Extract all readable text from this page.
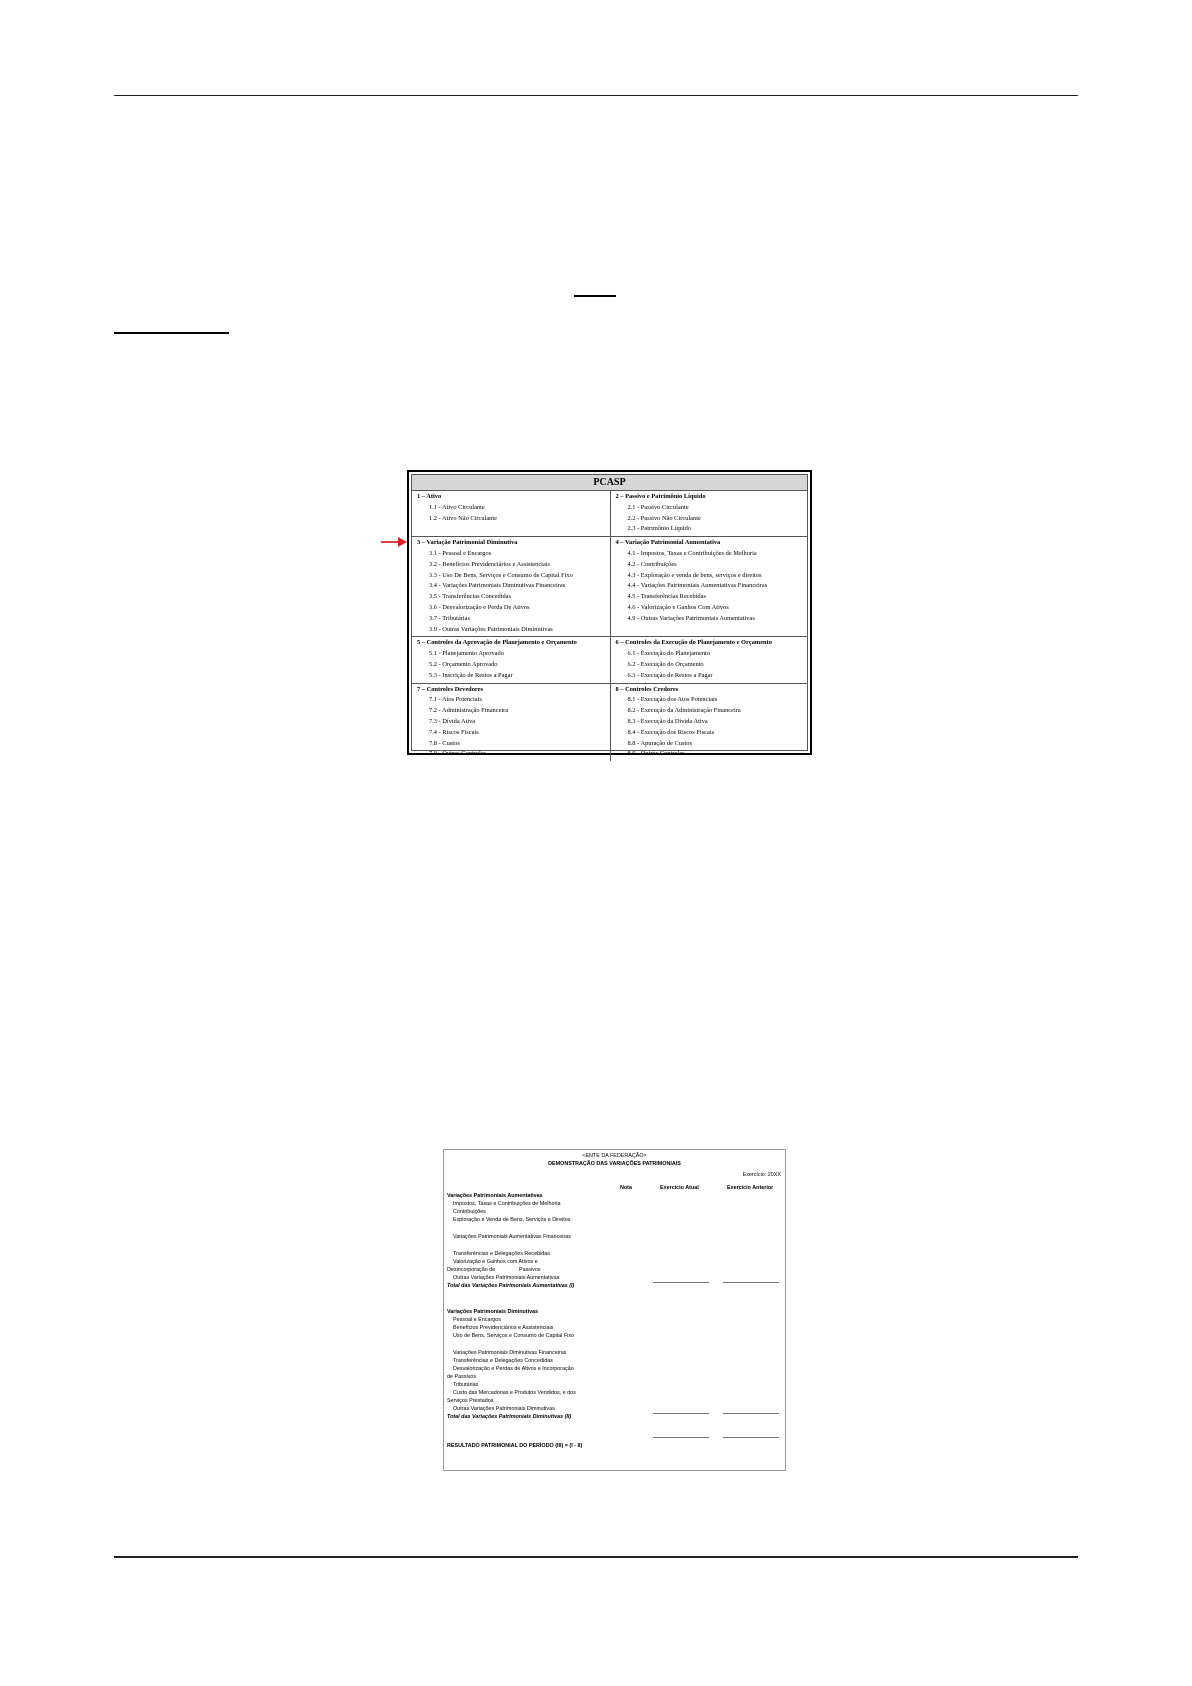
PCASP
1 – Ativo
1.1 - Ativo Circulante
1.2 - Ativo Não Circulante
2 – Passivo e Patrimônio Líquido
2.1 - Passivo Circulante
2.2 - Passivo Não Circulante
2.3 - Patrimônio Líquido
3 – Variação Patrimonial Diminutiva
3.1 - Pessoal e Encargos
3.2 - Benefícios Previdenciários e Assistenciais
3.3 - Uso De Bens, Serviços e Consumo de Capital Fixo
3.4 - Variações Patrimoniais Diminutivas Financeiras
3.5 - Transferências Concedidas
3.6 - Desvalorização e Perda De Ativos
3.7 - Tributárias
3.9 - Outras Variações Patrimoniais Diminutivas
4 – Variação Patrimonial Aumentativa
4.1 - Impostos, Taxas e Contribuições de Melhoria
4.2 - Contribuições
4.3 - Exploração e venda de bens, serviços e direitos
4.4 - Variações Patrimoniais Aumentativas Financeiras
4.5 - Transferências Recebidas
4.6 - Valorização e Ganhos Com Ativos
4.9 - Outras Variações Patrimoniais Aumentativas
5 – Controles da Aprovação do Planejamento e Orçamento
5.1 - Planejamento Aprovado
5.2 - Orçamento Aprovado
5.3 - Inscrição de Restos a Pagar
6 – Controles da Execução do Planejamento e Orçamento
6.1 - Execução do Planejamento
6.2 - Execução do Orçamento
6.3 - Execução de Restos a Pagar
7 – Controles Devedores
7.1 - Atos Potenciais
7.2 - Administração Financeira
7.3 - Dívida Ativa
7.4 - Riscos Fiscais
7.8 - Custos
7.9 - Outros Controles
8 – Controles Credores
8.1 - Execução dos Atos Potenciais
8.2 - Execução da Administração Financeira
8.3 - Execução da Dívida Ativa
8.4 - Execução dos Riscos Fiscais
8.8 - Apuração de Custos
8.9 - Outros Controles
<ENTE DA FEDERAÇÃO>
DEMONSTRAÇÃO DAS VARIAÇÕES PATRIMONIAIS
Exercício: 20XX
Nota	Exercício Atual	Exercício Anterior
Variações Patrimoniais Aumentativas
Impostos, Taxas e Contribuições de Melhoria
Contribuições
Exploração e Venda de Bens, Serviços e Direitos
Variações Patrimoniais Aumentativas Financeiras
Transferências e Delegações Recebidas
Valorização e Ganhos com Ativos e
Desincorporação de	Passivos
Outras Variações Patrimoniais Aumentativas
Total das Variações Patrimoniais Aumentativas (I)
Variações Patrimoniais Diminutivas
Pessoal e Encargos
Benefícios Previdenciários e Assistenciais
Uso de Bens, Serviços e Consumo de Capital Fixo
Variações Patrimoniais Diminutivas Financeiras
Transferências e Delegações Concedidas
Desvalorização e Perdas de Ativos e Incorporação
de Passivos
Tributárias
Custo das Mercadorias e Produtos Vendidos, e dos
Serviços Prestados
Outras Variações Patrimoniais Diminutivas
Total das Variações Patrimoniais Diminutivas (II)
RESULTADO PATRIMONIAL DO PERÍODO (III) = (I - II)
